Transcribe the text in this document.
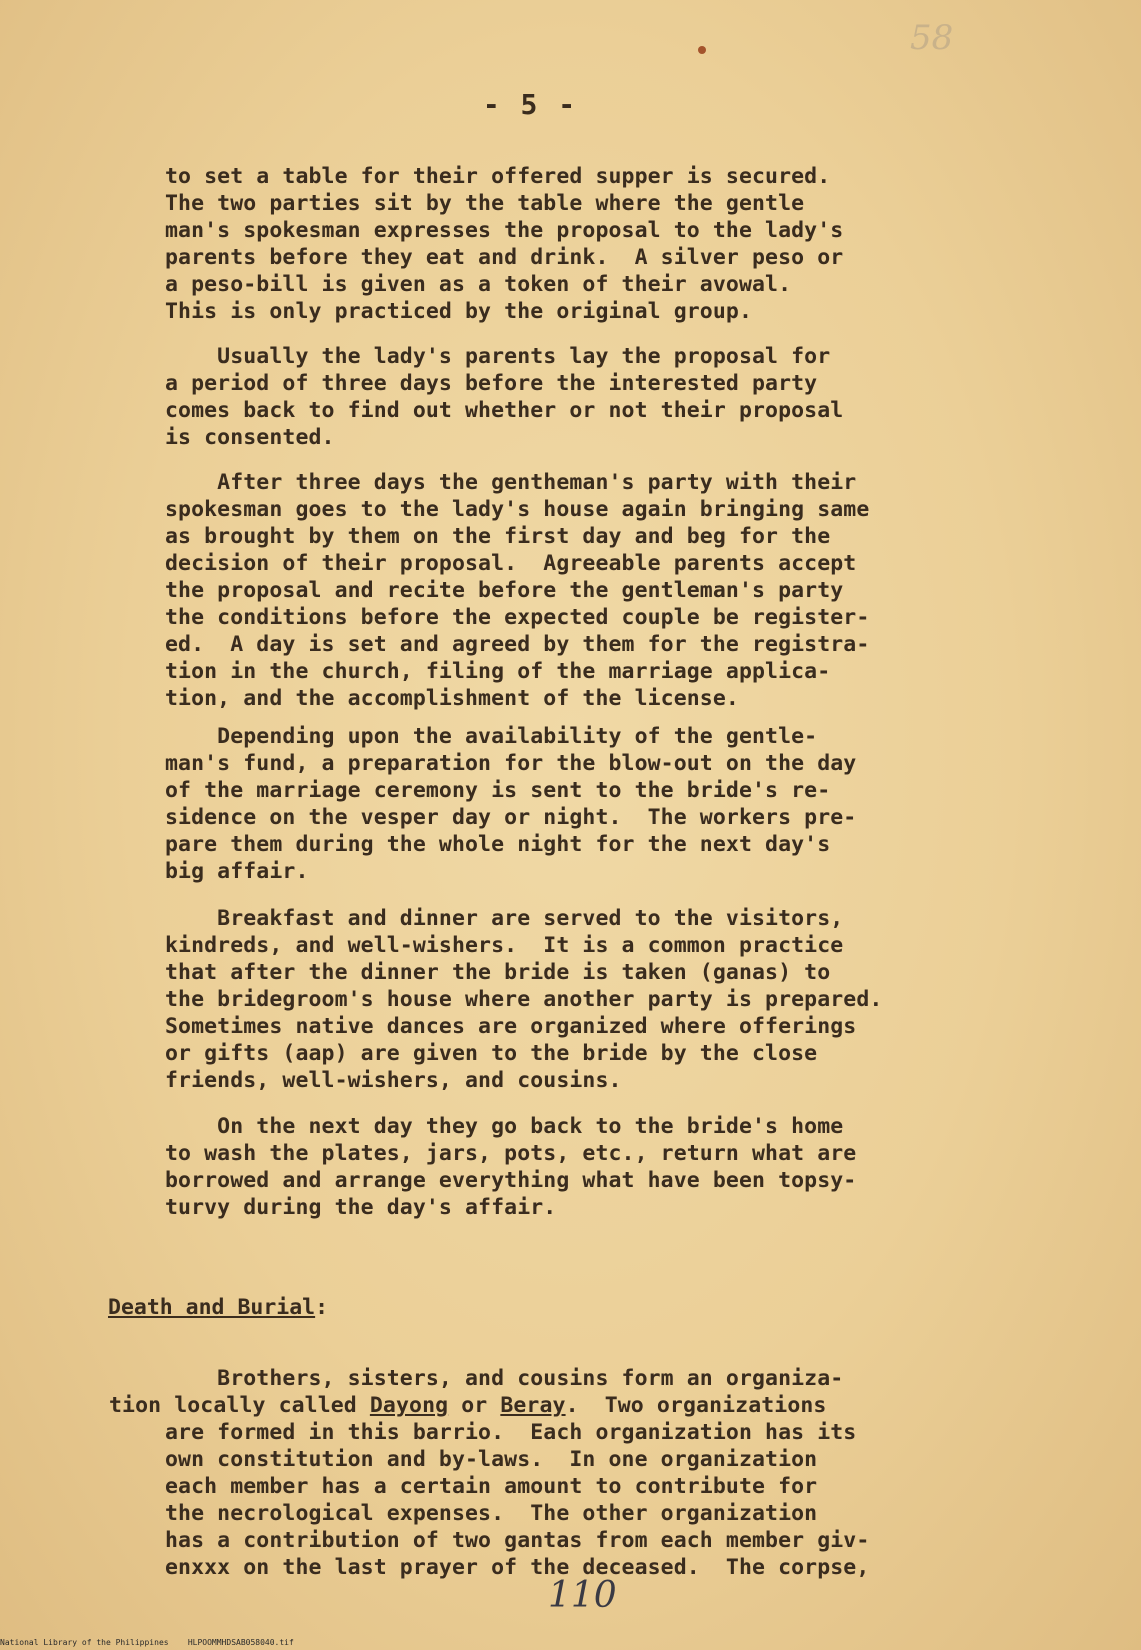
58
- 5 -
to set a table for their offered supper is secured.
The two parties sit by the table where the gentle
man's spokesman expresses the proposal to the lady's
parents before they eat and drink.  A silver peso or
a peso-bill is given as a token of their avowal.
This is only practiced by the original group.
Usually the lady's parents lay the proposal for
a period of three days before the interested party
comes back to find out whether or not their proposal
is consented.
After three days the gentheman's party with their
spokesman goes to the lady's house again bringing same
as brought by them on the first day and beg for the
decision of their proposal.  Agreeable parents accept
the proposal and recite before the gentleman's party
the conditions before the expected couple be register-
ed.  A day is set and agreed by them for the registra-
tion in the church, filing of the marriage applica-
tion, and the accomplishment of the license.
Depending upon the availability of the gentle-
man's fund, a preparation for the blow-out on the day
of the marriage ceremony is sent to the bride's re-
sidence on the vesper day or night.  The workers pre-
pare them during the whole night for the next day's
big affair.
Breakfast and dinner are served to the visitors,
kindreds, and well-wishers.  It is a common practice
that after the dinner the bride is taken (ganas) to
the bridegroom's house where another party is prepared.
Sometimes native dances are organized where offerings
or gifts (aap) are given to the bride by the close
friends, well-wishers, and cousins.
On the next day they go back to the bride's home
to wash the plates, jars, pots, etc., return what are
borrowed and arrange everything what have been topsy-
turvy during the day's affair.
Death and Burial:
Brothers, sisters, and cousins form an organiza-
tion locally called Dayong or Beray.  Two organizations
are formed in this barrio.  Each organization has its
own constitution and by-laws.  In one organization
each member has a certain amount to contribute for
the necrological expenses.  The other organization
has a contribution of two gantas from each member giv-
enxxx on the last prayer of the deceased.  The corpse,
110
National Library of the Philippines    HLPOOMMHDSAB058040.tif
